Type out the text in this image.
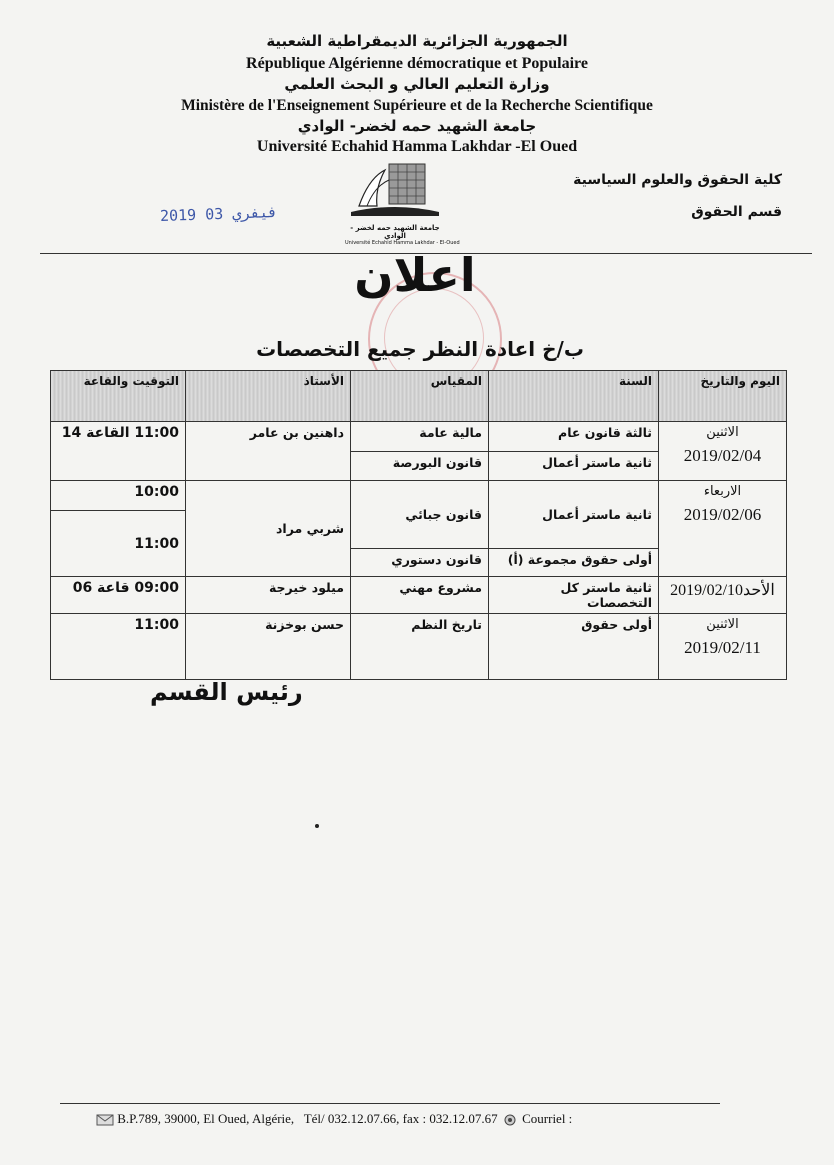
الجمهورية الجزائرية الديمقراطية الشعبية
République Algérienne démocratique et Populaire
وزارة التعليم العالي و البحث العلمي
Ministère de l'Enseignement Supérieure et de la Recherche Scientifique
جامعة الشهيد حمه لخضر- الوادي
Université Echahid Hamma Lakhdar -El Oued
كلية الحقوق والعلوم السياسية
قسم الحقوق
جامعة الشهيد حمه لخضر - الوادي
Université Echahid Hamma Lakhdar - El-Oued
2019 فيفري 03
اعلان
ب/خ اعادة النظر جميع التخصصات
اليوم والتاريخ	السنة	المقياس	الأستاذ	التوقيت والقاعة
الاثنين
2019/02/04	ثالثة قانون عام	مالية عامة	داهنين بن عامر	11:00 القاعة 14
	ثانية ماستر أعمال	قانون البورصة		
الاربعاء
2019/02/06	ثانية ماستر أعمال	قانون جبائي	شربي مراد	10:00
				11:00
	أولى حقوق مجموعة (أ)	قانون دستوري		
الأحد2019/02/10	ثانية ماستر كل التخصصات	مشروع مهني	ميلود خيرجة	09:00 قاعة 06
الاثنين
2019/02/11	أولى حقوق	تاريخ النظم	حسن بوخزنة	11:00
رئيس القسم
B.P.789, 39000, El Oued, Algérie, Tél/ 032.12.07.66, fax : 032.12.07.67 Courriel :
